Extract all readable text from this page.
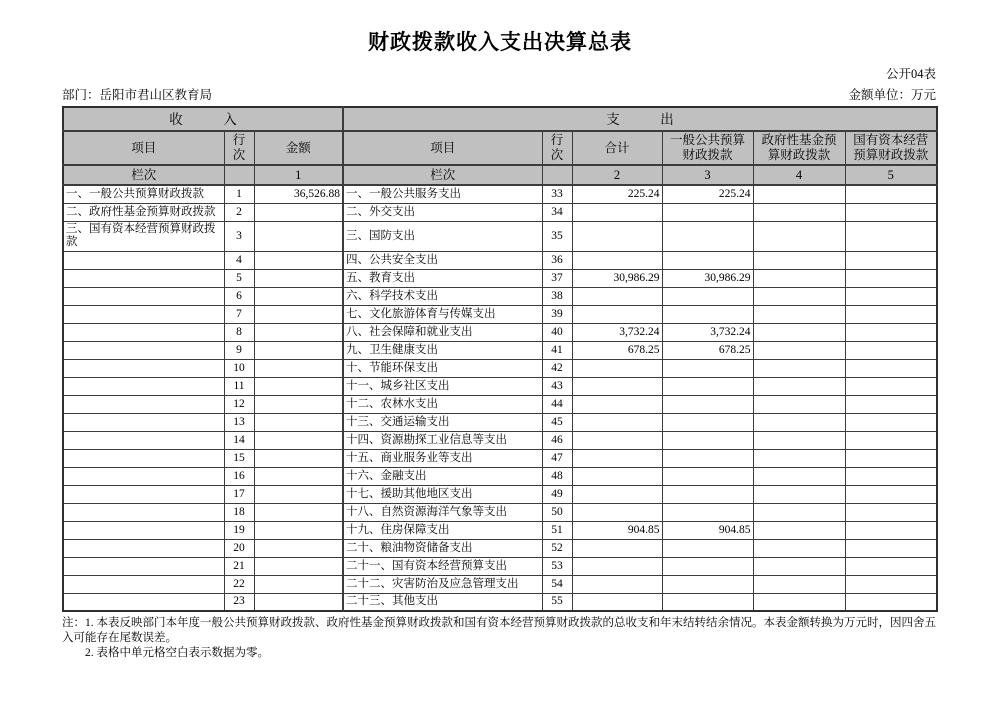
财政拨款收入支出决算总表
公开04表
部门：岳阳市君山区教育局	金额单位：万元
收　　　入			支　　　出					
项目	行次	金额	项目	行次	合计	一般公共预算财政拨款	政府性基金预算财政拨款	国有资本经营预算财政拨款
栏次		1	栏次		2	3	4	5
一、一般公共预算财政拨款	1	36,526.88	一、一般公共服务支出	33	225.24	225.24		
二、政府性基金预算财政拨款	2		二、外交支出	34				
三、国有资本经营预算财政拨款	3		三、国防支出	35				
	4		四、公共安全支出	36				
	5		五、教育支出	37	30,986.29	30,986.29		
	6		六、科学技术支出	38				
	7		七、文化旅游体育与传媒支出	39				
	8		八、社会保障和就业支出	40	3,732.24	3,732.24		
	9		九、卫生健康支出	41	678.25	678.25		
	10		十、节能环保支出	42				
	11		十一、城乡社区支出	43				
	12		十二、农林水支出	44				
	13		十三、交通运输支出	45				
	14		十四、资源勘探工业信息等支出	46				
	15		十五、商业服务业等支出	47				
	16		十六、金融支出	48				
	17		十七、援助其他地区支出	49				
	18		十八、自然资源海洋气象等支出	50				
	19		十九、住房保障支出	51	904.85	904.85		
	20		二十、粮油物资储备支出	52				
	21		二十一、国有资本经营预算支出	53				
	22		二十二、灾害防治及应急管理支出	54				
	23		二十三、其他支出	55				

注：1. 本表反映部门本年度一般公共预算财政拨款、政府性基金预算财政拨款和国有资本经营预算财政拨款的总收支和年末结转结余情况。本表金额转换为万元时，因四舍五入可能存在尾数误差。

2. 表格中单元格空白表示数据为零。
